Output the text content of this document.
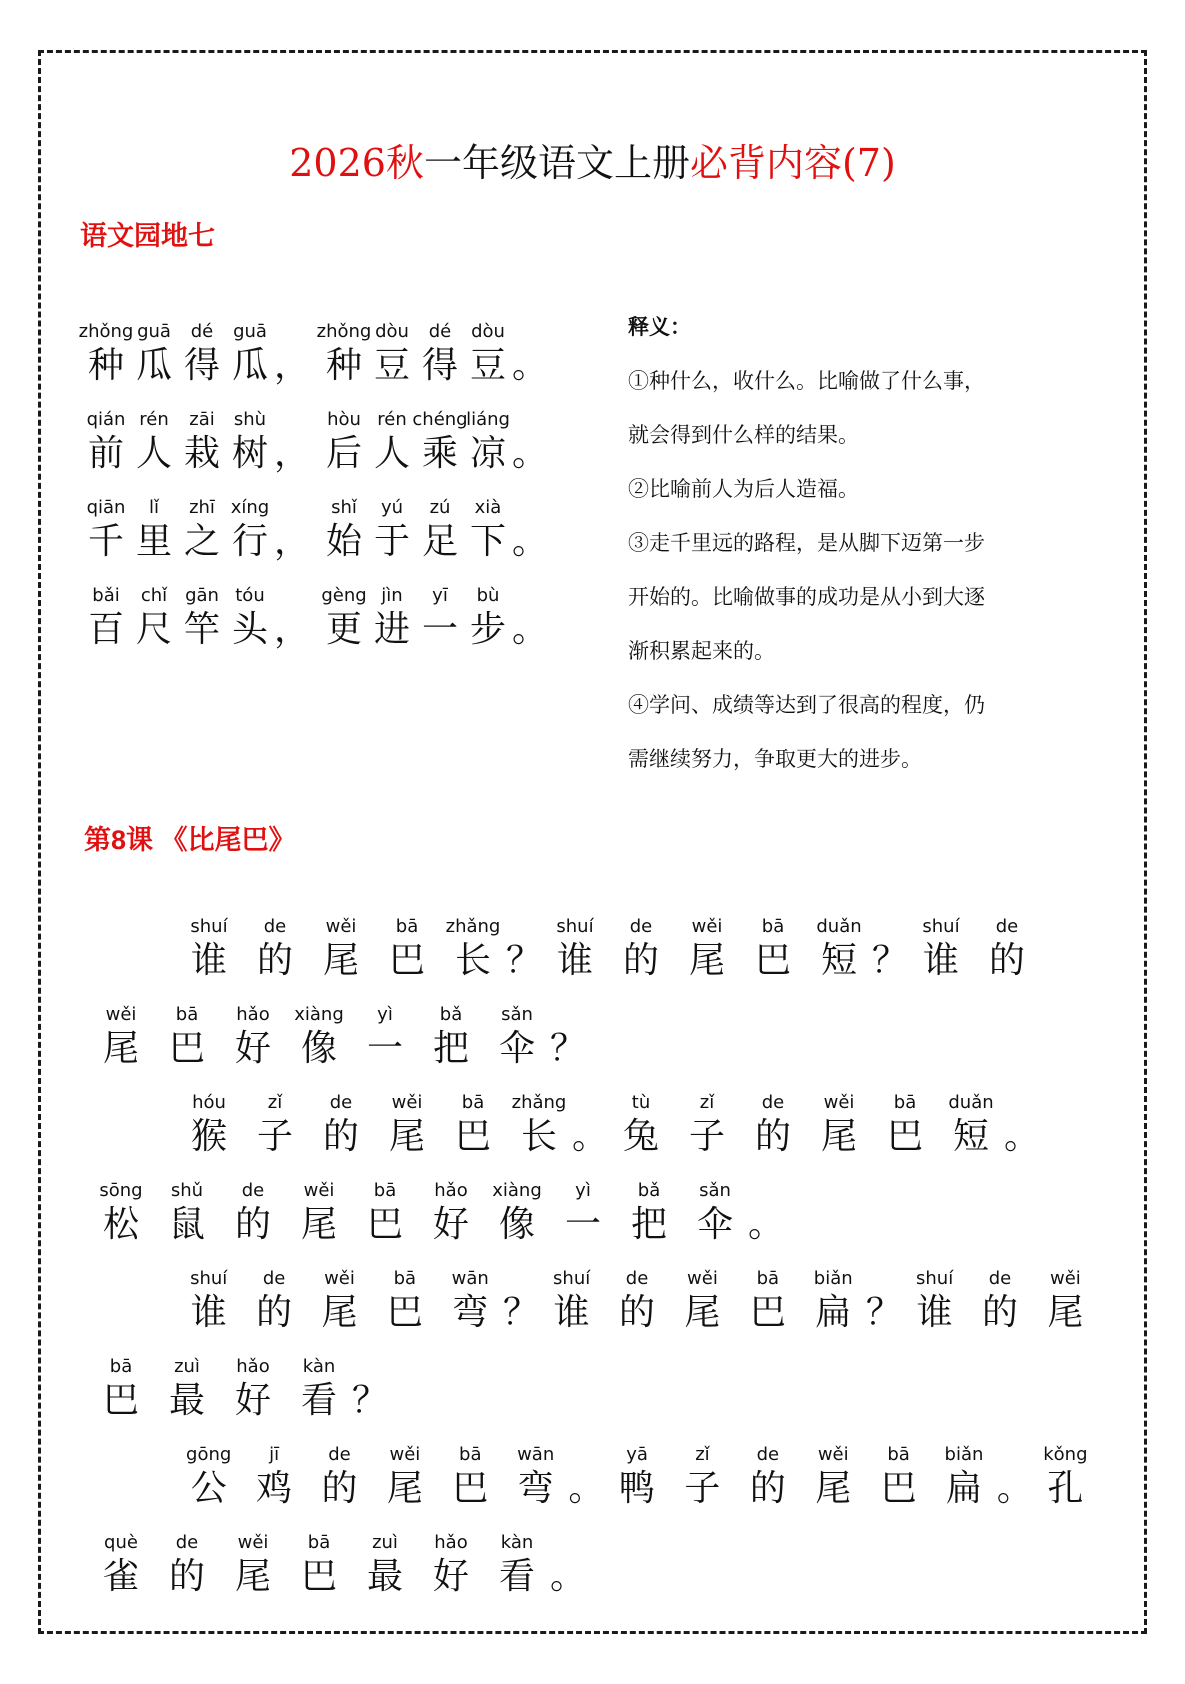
2026秋一年级语文上册必背内容(7)
语文园地七
zhǒng
种
guā
瓜
dé
得
guā
瓜 ，
zhǒng
种
dòu
豆
dé
得
dòu
豆 。
qián
前
rén
人
zāi
栽
shù
树 ，
hòu
后
rén
人
chéng
乘
liáng
凉 。
qiān
千
lǐ
里
zhī
之
xíng
行 ，
shǐ
始
yú
于
zú
足
xià
下 。
bǎi
百
chǐ
尺
gān
竿
tóu
头 ，
gèng
更
jìn
进
yī
一
bù
步 。
释义：
①种什么，收什么。比喻做了什么事，
就会得到什么样的结果。
②比喻前人为后人造福。
③走千里远的路程，是从脚下迈第一步
开始的。比喻做事的成功是从小到大逐
渐积累起来的。
④学问、成绩等达到了很高的程度，仍
需继续努力，争取更大的进步。
第8课 《比尾巴》
shuí
谁
de
的
wěi
尾
bā
巴
zhǎng
长 ？
shuí
谁
de
的
wěi
尾
bā
巴
duǎn
短 ？
shuí
谁
de
的
wěi
尾
bā
巴
hǎo
好
xiàng
像
yì
一
bǎ
把
sǎn
伞 ？
hóu
猴
zǐ
子
de
的
wěi
尾
bā
巴
zhǎng
长 。
tù
兔
zǐ
子
de
的
wěi
尾
bā
巴
duǎn
短 。
sōng
松
shǔ
鼠
de
的
wěi
尾
bā
巴
hǎo
好
xiàng
像
yì
一
bǎ
把
sǎn
伞 。
shuí
谁
de
的
wěi
尾
bā
巴
wān
弯 ？
shuí
谁
de
的
wěi
尾
bā
巴
biǎn
扁 ？
shuí
谁
de
的
wěi
尾
bā
巴
zuì
最
hǎo
好
kàn
看 ？
gōng
公
jī
鸡
de
的
wěi
尾
bā
巴
wān
弯 。
yā
鸭
zǐ
子
de
的
wěi
尾
bā
巴
biǎn
扁 。
kǒng
孔
què
雀
de
的
wěi
尾
bā
巴
zuì
最
hǎo
好
kàn
看 。
